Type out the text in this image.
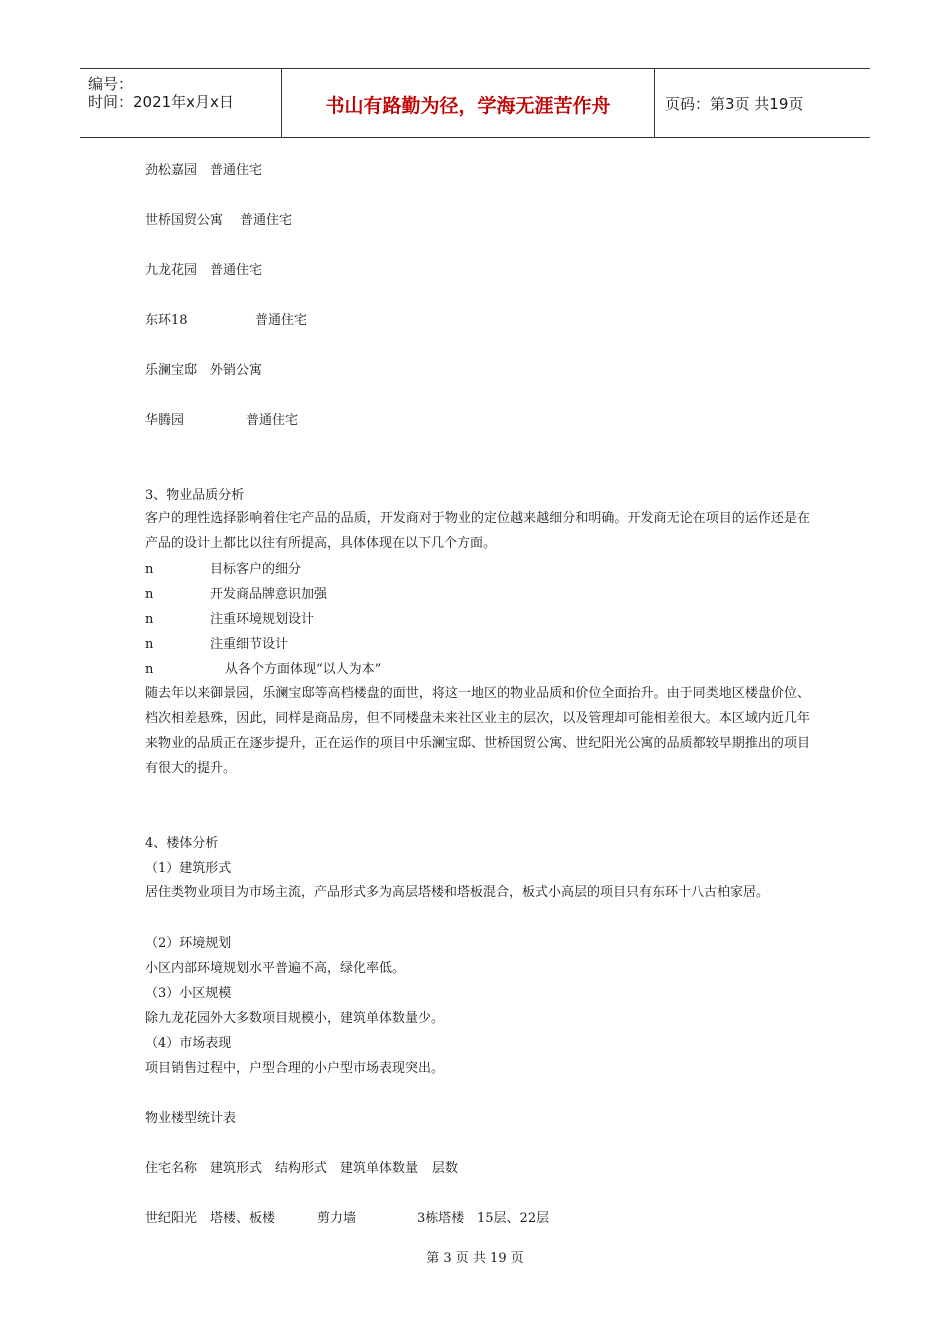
编号：
时间：2021年x月x日	书山有路勤为径，学海无涯苦作舟	页码：第3页 共19页
劲松嘉园 普通住宅
世桥国贸公寓 普通住宅
九龙花园 普通住宅
东环18	普通住宅
乐澜宝邸 外销公寓
华腾园	普通住宅
3、物业品质分析
客户的理性选择影响着住宅产品的品质，开发商对于物业的定位越来越细分和明确。开发商无论在项目的运作还是在产品的设计上都比以往有所提高，具体体现在以下几个方面。
n	目标客户的细分
n	开发商品牌意识加强
n	注重环境规划设计
n	注重细节设计
n	从各个方面体现“以人为本”
随去年以来御景园，乐澜宝邸等高档楼盘的面世，将这一地区的物业品质和价位全面抬升。由于同类地区楼盘价位、档次相差悬殊，因此，同样是商品房，但不同楼盘未来社区业主的层次，以及管理却可能相差很大。本区域内近几年来物业的品质正在逐步提升，正在运作的项目中乐澜宝邸、世桥国贸公寓、世纪阳光公寓的品质都较早期推出的项目有很大的提升。
4、楼体分析
（1）建筑形式
居住类物业项目为市场主流，产品形式多为高层塔楼和塔板混合，板式小高层的项目只有东环十八古柏家居。
（2）环境规划
小区内部环境规划水平普遍不高，绿化率低。
（3）小区规模
除九龙花园外大多数项目规模小，建筑单体数量少。
（4）市场表现
项目销售过程中，户型合理的小户型市场表现突出。
物业楼型统计表
住宅名称 建筑形式 结构形式 建筑单体数量 层数
世纪阳光 塔楼、板楼	剪力墙	3栋塔楼 15层、22层
第 3 页 共 19 页
